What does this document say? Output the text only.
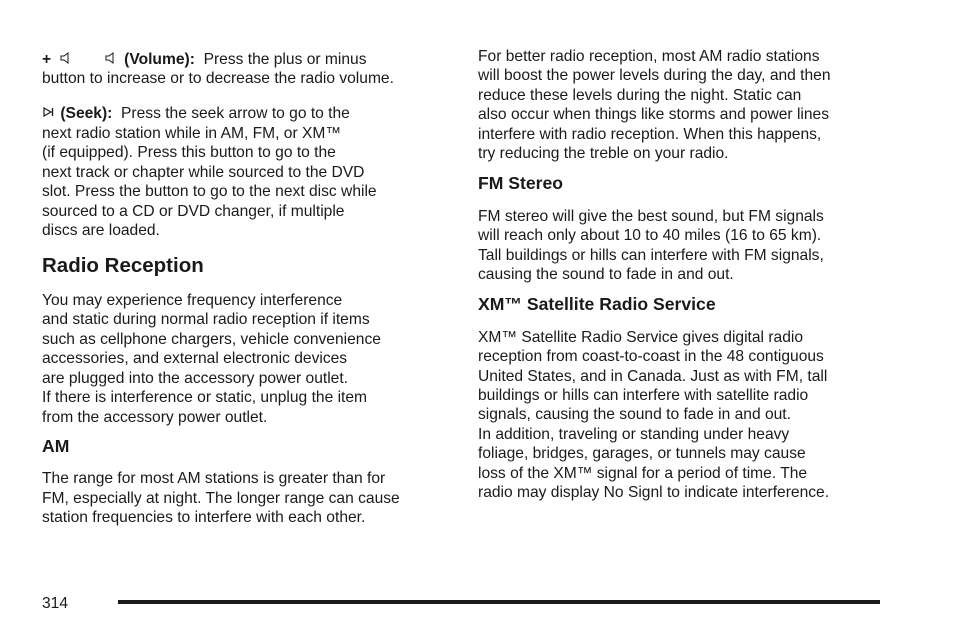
+	(Volume): Press the plus or minus
button to increase or to decrease the radio volume.
(Seek): Press the seek arrow to go to the
next radio station while in AM, FM, or XM™
(if equipped). Press this button to go to the
next track or chapter while sourced to the DVD
slot. Press the button to go to the next disc while
sourced to a CD or DVD changer, if multiple
discs are loaded.
Radio Reception
You may experience frequency interference
and static during normal radio reception if items
such as cellphone chargers, vehicle convenience
accessories, and external electronic devices
are plugged into the accessory power outlet.
If there is interference or static, unplug the item
from the accessory power outlet.
AM
The range for most AM stations is greater than for
FM, especially at night. The longer range can cause
station frequencies to interfere with each other.
For better radio reception, most AM radio stations
will boost the power levels during the day, and then
reduce these levels during the night. Static can
also occur when things like storms and power lines
interfere with radio reception. When this happens,
try reducing the treble on your radio.
FM Stereo
FM stereo will give the best sound, but FM signals
will reach only about 10 to 40 miles (16 to 65 km).
Tall buildings or hills can interfere with FM signals,
causing the sound to fade in and out.
XM™ Satellite Radio Service
XM™ Satellite Radio Service gives digital radio
reception from coast-to-coast in the 48 contiguous
United States, and in Canada. Just as with FM, tall
buildings or hills can interfere with satellite radio
signals, causing the sound to fade in and out.
In addition, traveling or standing under heavy
foliage, bridges, garages, or tunnels may cause
loss of the XM™ signal for a period of time. The
radio may display No Signl to indicate interference.
314
